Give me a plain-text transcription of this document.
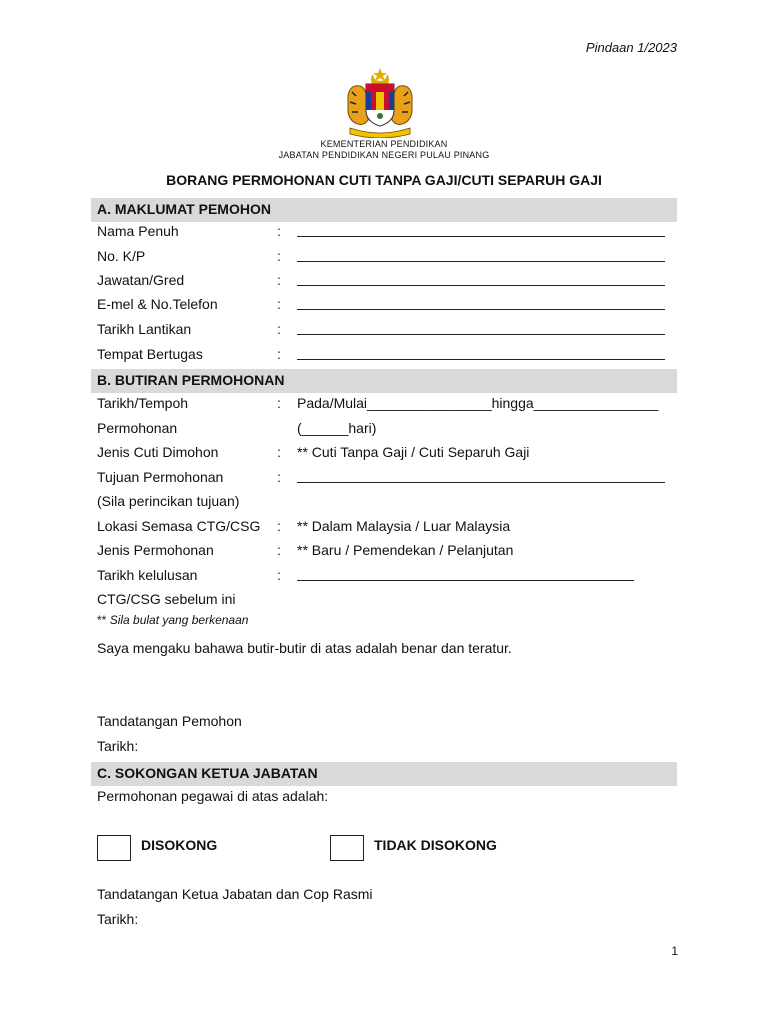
Pindaan 1/2023
KEMENTERIAN PENDIDIKAN
JABATAN PENDIDIKAN NEGERI PULAU PINANG
BORANG PERMOHONAN CUTI TANPA GAJI/CUTI SEPARUH GAJI
A. MAKLUMAT PEMOHON
Nama Penuh	:
No. K/P	:
Jawatan/Gred	:
E-mel & No.Telefon	:
Tarikh Lantikan	:
Tempat Bertugas	:
B. BUTIRAN PERMOHONAN
Tarikh/Tempoh	: Pada/Mulai________________hingga________________
Permohonan	(______hari)
Jenis Cuti Dimohon	: ** Cuti Tanpa Gaji / Cuti Separuh Gaji
Tujuan Permohonan	:
(Sila perincikan tujuan)
Lokasi Semasa CTG/CSG : ** Dalam Malaysia / Luar Malaysia
Jenis Permohonan	: ** Baru / Pemendekan / Pelanjutan
Tarikh kelulusan	:
CTG/CSG sebelum ini
** Sila bulat yang berkenaan
Saya mengaku bahawa butir-butir di atas adalah benar dan teratur.
Tandatangan Pemohon
Tarikh:
C. SOKONGAN KETUA JABATAN
Permohonan pegawai di atas adalah:
DISOKONG	TIDAK DISOKONG
Tandatangan Ketua Jabatan dan Cop Rasmi
Tarikh:
1
